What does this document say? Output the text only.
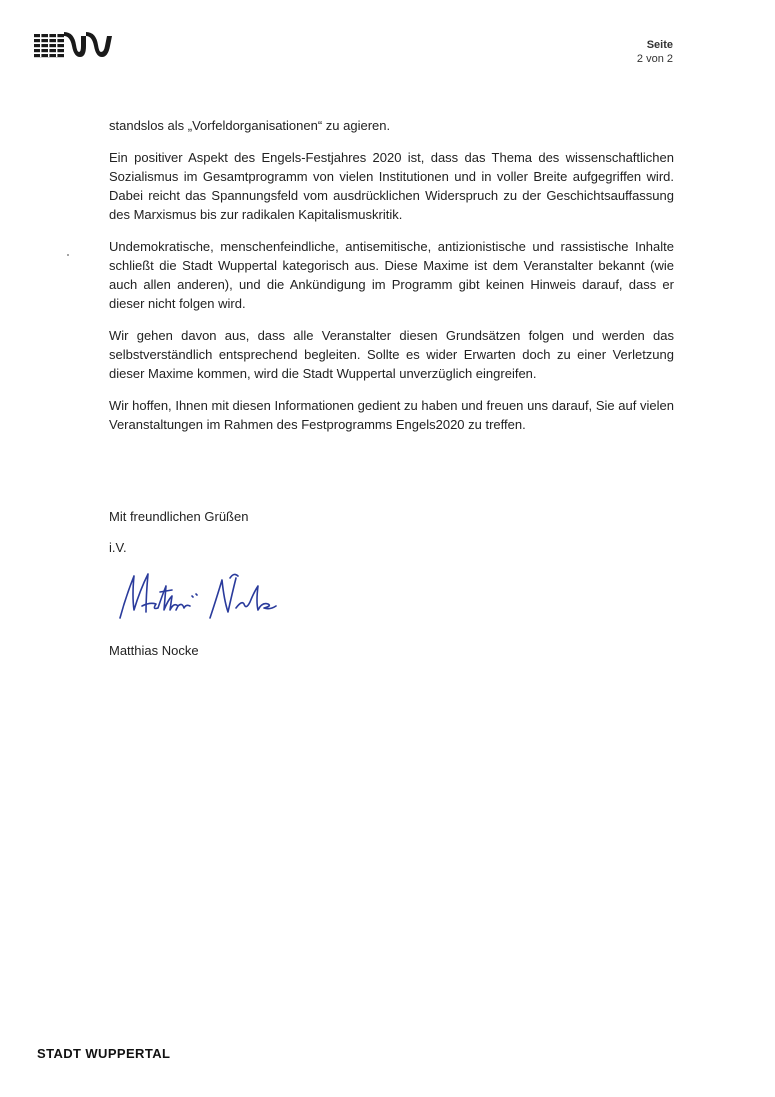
Seite
2 von 2

standslos als „Vorfeldorganisationen“ zu agieren.

Ein positiver Aspekt des Engels-Festjahres 2020 ist, dass das Thema des wissenschaftlichen Sozialismus im Gesamtprogramm von vielen Institutionen und in voller Breite aufgegriffen wird. Dabei reicht das Spannungsfeld vom ausdrücklichen Widerspruch zu der Geschichtsauffassung des Marxismus bis zur radikalen Kapitalismuskritik.

Undemokratische, menschenfeindliche, antisemitische, antizionistische und rassistische Inhalte schließt die Stadt Wuppertal kategorisch aus. Diese Maxime ist dem Veranstalter bekannt (wie auch allen anderen), und die Ankündigung im Programm gibt keinen Hinweis darauf, dass er dieser nicht folgen wird.

Wir gehen davon aus, dass alle Veranstalter diesen Grundsätzen folgen und werden das selbstverständlich entsprechend begleiten. Sollte es wider Erwarten doch zu einer Verletzung dieser Maxime kommen, wird die Stadt Wuppertal unverzüglich eingreifen.

Wir hoffen, Ihnen mit diesen Informationen gedient zu haben und freuen uns darauf, Sie auf vielen Veranstaltungen im Rahmen des Festprogramms Engels2020 zu treffen.

Mit freundlichen Grüßen

i.V.

Matthias Nocke
STADT WUPPERTAL
